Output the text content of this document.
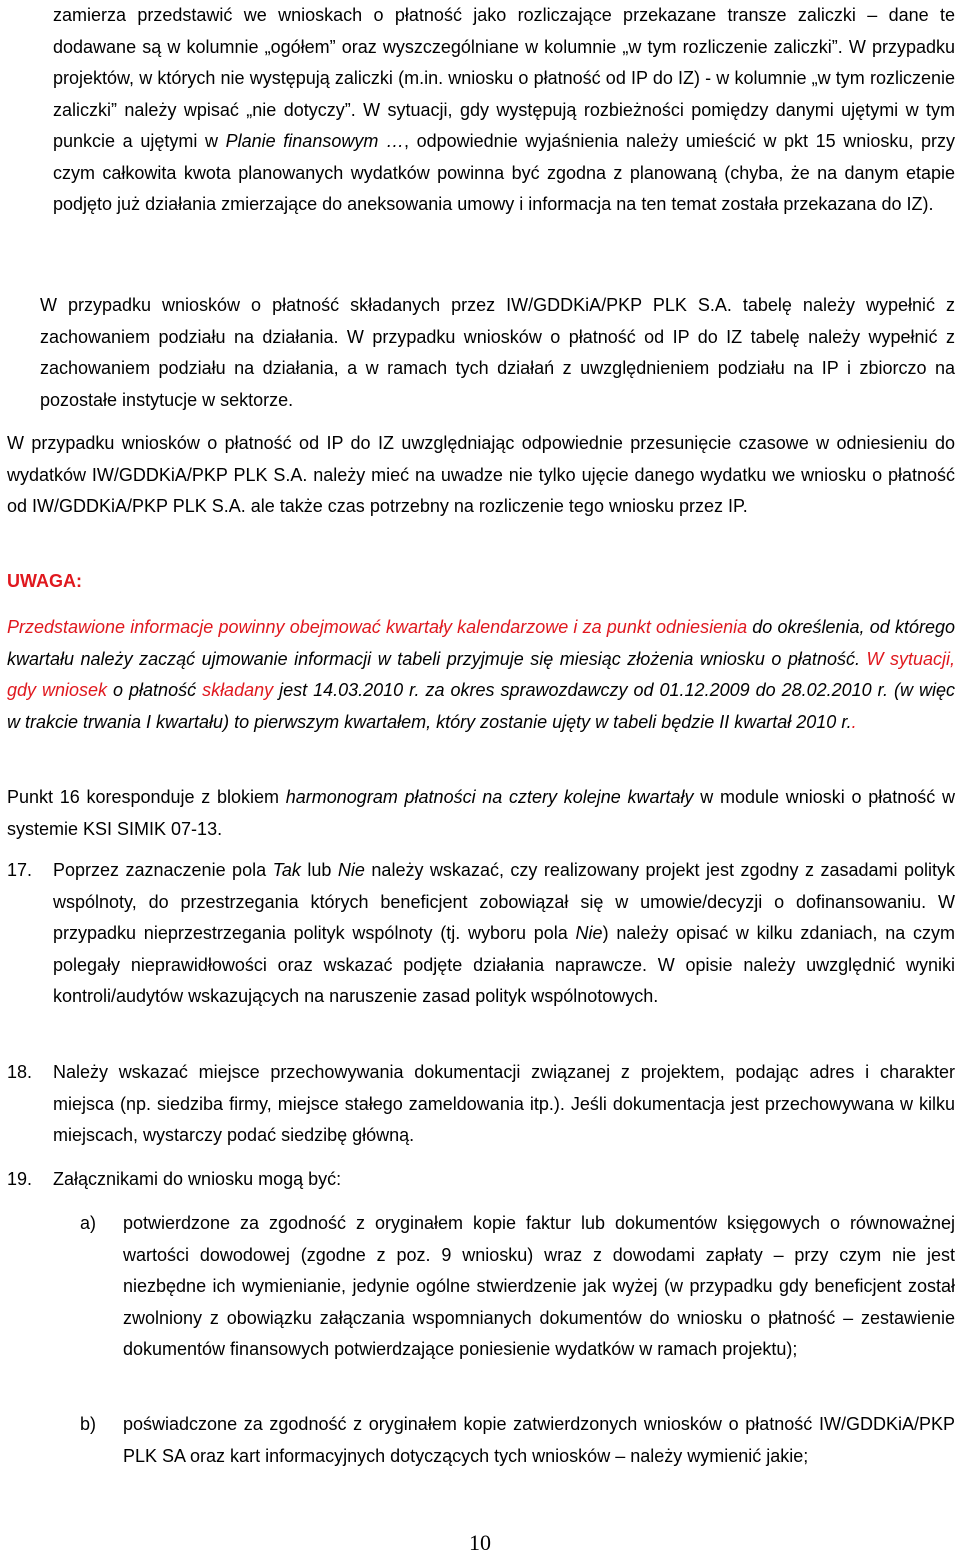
zamierza przedstawić we wnioskach o płatność jako rozliczające przekazane transze zaliczki – dane te dodawane są w kolumnie „ogółem” oraz wyszczególniane w kolumnie „w tym rozliczenie zaliczki”. W przypadku projektów, w których nie występują zaliczki (m.in. wniosku o płatność od IP do IZ) - w kolumnie „w tym rozliczenie zaliczki” należy wpisać „nie dotyczy”. W sytuacji, gdy występują rozbieżności pomiędzy danymi ujętymi w tym punkcie a ujętymi w Planie finansowym …, odpowiednie wyjaśnienia należy umieścić w pkt 15 wniosku, przy czym całkowita kwota planowanych wydatków powinna być zgodna z planowaną (chyba, że na danym etapie podjęto już działania zmierzające do aneksowania umowy i informacja na ten temat została przekazana do IZ).
W przypadku wniosków o płatność składanych przez IW/GDDKiA/PKP PLK S.A. tabelę należy wypełnić z zachowaniem podziału na działania. W przypadku wniosków o płatność od IP do IZ tabelę należy wypełnić z zachowaniem podziału na działania, a w ramach tych działań z uwzględnieniem podziału na IP i zbiorczo na pozostałe instytucje w sektorze.
W przypadku wniosków o płatność od IP do IZ uwzględniając odpowiednie przesunięcie czasowe w odniesieniu do wydatków IW/GDDKiA/PKP PLK S.A. należy mieć na uwadze nie tylko ujęcie danego wydatku we wniosku o płatność od IW/GDDKiA/PKP PLK S.A. ale także czas potrzebny na rozliczenie tego wniosku przez IP.
UWAGA:
Przedstawione informacje powinny obejmować kwartały kalendarzowe i za punkt odniesienia do określenia, od którego kwartału należy zacząć ujmowanie informacji w tabeli przyjmuje się miesiąc złożenia wniosku o płatność. W sytuacji, gdy wniosek o płatność składany jest 14.03.2010 r. za okres sprawozdawczy od 01.12.2009 do 28.02.2010 r. (w więc w trakcie trwania I kwartału) to pierwszym kwartałem, który zostanie ujęty w tabeli będzie II kwartał 2010 r..
Punkt 16 koresponduje z blokiem harmonogram płatności na cztery kolejne kwartały w module wnioski o płatność w systemie KSI SIMIK 07-13.
17. Poprzez zaznaczenie pola Tak lub Nie należy wskazać, czy realizowany projekt jest zgodny z zasadami polityk wspólnoty, do przestrzegania których beneficjent zobowiązał się w umowie/decyzji o dofinansowaniu. W przypadku nieprzestrzegania polityk wspólnoty (tj. wyboru pola Nie) należy opisać w kilku zdaniach, na czym polegały nieprawidłowości oraz wskazać podjęte działania naprawcze. W opisie należy uwzględnić wyniki kontroli/audytów wskazujących na naruszenie zasad polityk wspólnotowych.
18. Należy wskazać miejsce przechowywania dokumentacji związanej z projektem, podając adres i charakter miejsca (np. siedziba firmy, miejsce stałego zameldowania itp.). Jeśli dokumentacja jest przechowywana w kilku miejscach, wystarczy podać siedzibę główną.
19. Załącznikami do wniosku mogą być:
a) potwierdzone za zgodność z oryginałem kopie faktur lub dokumentów księgowych o równoważnej wartości dowodowej (zgodne z poz. 9 wniosku) wraz z dowodami zapłaty – przy czym nie jest niezbędne ich wymienianie, jedynie ogólne stwierdzenie jak wyżej (w przypadku gdy beneficjent został zwolniony z obowiązku załączania wspomnianych dokumentów do wniosku o płatność – zestawienie dokumentów finansowych potwierdzające poniesienie wydatków w ramach projektu);
b) poświadczone za zgodność z oryginałem kopie zatwierdzonych wniosków o płatność IW/GDDKiA/PKP PLK SA oraz kart informacyjnych dotyczących tych wniosków – należy wymienić jakie;
10
